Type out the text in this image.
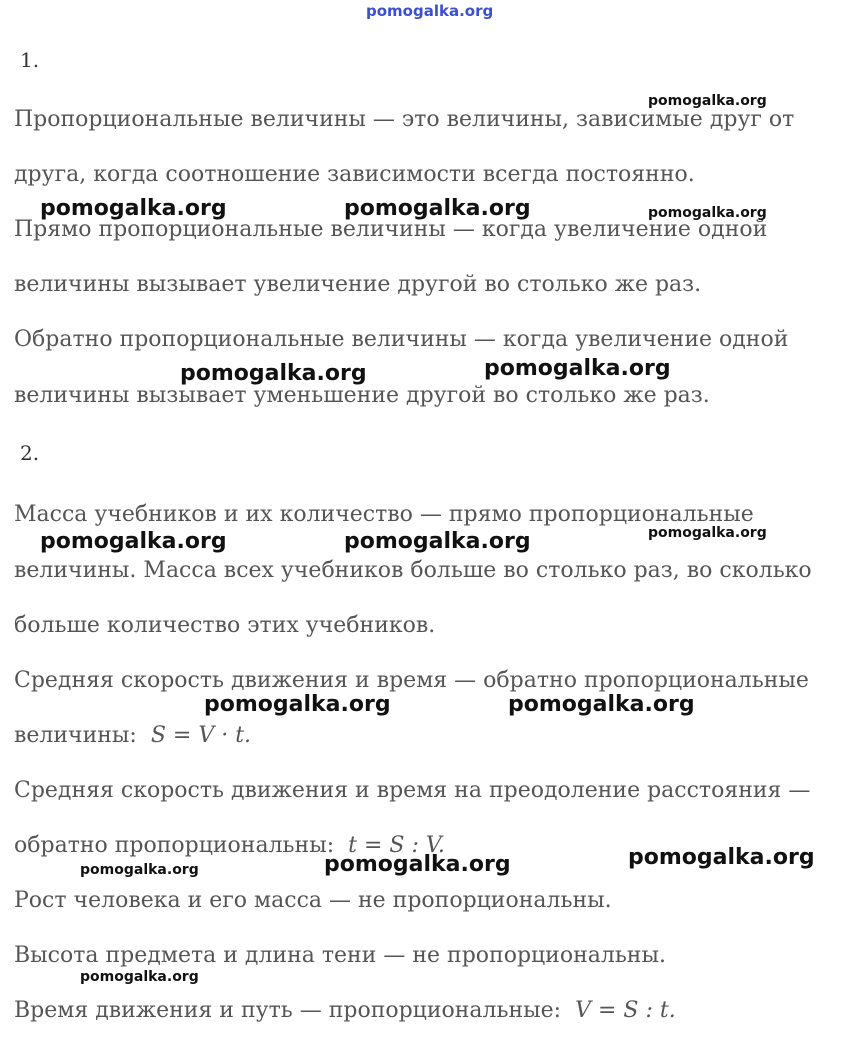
pomogalka.org

1.

Пропорциональные величины — это величины, зависимые друг от

друга, когда соотношение зависимости всегда постоянно.

Прямо пропорциональные величины — когда увеличение одной

величины вызывает увеличение другой во столько же раз.

Обратно пропорциональные величины — когда увеличение одной

величины вызывает уменьшение другой во столько же раз.

2.

Масса учебников и их количество — прямо пропорциональные

величины. Масса всех учебников больше во столько раз, во сколько

больше количество этих учебников.

Средняя скорость движения и время — обратно пропорциональные

величины: S = V · t.

Средняя скорость движения и время на преодоление расстояния —

обратно пропорциональны: t = S : V.

Рост человека и его масса — не пропорциональны.

Высота предмета и длина тени — не пропорциональны.

Время движения и путь — пропорциональные: V = S : t.

pomogalka.org

pomogalka.org	pomogalka.org	pomogalka.org

pomogalka.org

pomogalka.org

pomogalka.org

pomogalka.org	pomogalka.org

pomogalka.org	pomogalka.org

pomogalka.org

pomogalka.org

pomogalka.org

pomogalka.org
